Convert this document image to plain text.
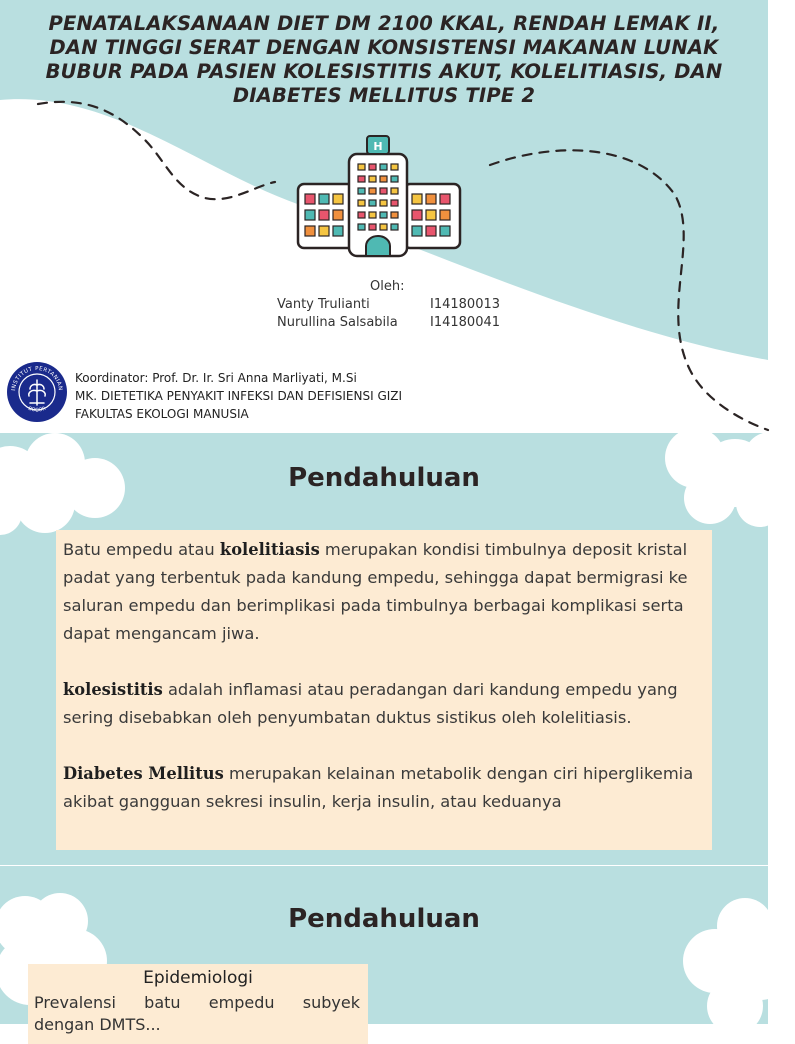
PENATALAKSANAAN DIET DM 2100 KKAL, RENDAH LEMAK II, DAN TINGGI SERAT DENGAN KONSISTENSI MAKANAN LUNAK BUBUR PADA PASIEN KOLESISTITIS AKUT, KOLELITIASIS, DAN DIABETES MELLITUS TIPE 2
H
Oleh:
Vanty Trulianti	I14180013
Nurullina Salsabila I14180041
INSTITUT PERTANIAN
BOGOR
Koordinator: Prof. Dr. Ir. Sri Anna Marliyati, M.Si
MK. DIETETIKA PENYAKIT INFEKSI DAN DEFISIENSI GIZI
FAKULTAS EKOLOGI MANUSIA
Pendahuluan

Batu empedu atau kolelitiasis merupakan kondisi timbulnya deposit kristal padat yang terbentuk pada kandung empedu, sehingga dapat bermigrasi ke saluran empedu dan berimplikasi pada timbulnya berbagai komplikasi serta dapat mengancam jiwa.

kolesistitis adalah inflamasi atau peradangan dari kandung empedu yang sering disebabkan oleh penyumbatan duktus sistikus oleh kolelitiasis.

Diabetes Mellitus merupakan kelainan metabolik dengan ciri hiperglikemia akibat gangguan sekresi insulin, kerja insulin, atau keduanya

Pendahuluan

Epidemiologi

Prevalensi batu empedu subyek

dengan DMTS...
